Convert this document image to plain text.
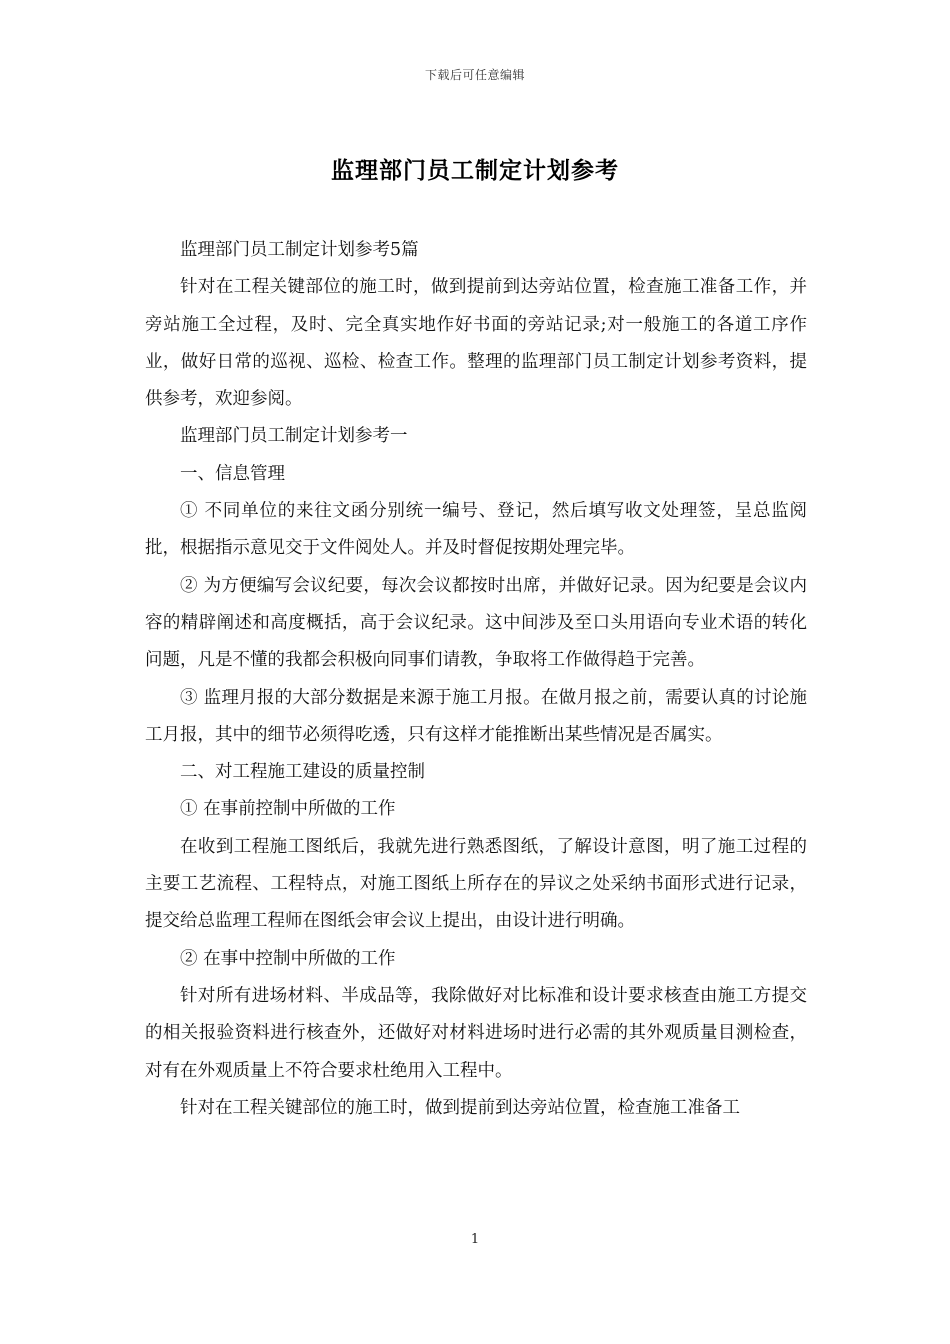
下载后可任意编辑
监理部门员工制定计划参考

监理部门员工制定计划参考5篇

针对在工程关键部位的施工时，做到提前到达旁站位置，检查施工准备工作，并旁站施工全过程，及时、完全真实地作好书面的旁站记录;对一般施工的各道工序作业，做好日常的巡视、巡检、检查工作。整理的监理部门员工制定计划参考资料，提供参考，欢迎参阅。

监理部门员工制定计划参考一

一、信息管理

① 不同单位的来往文函分别统一编号、登记，然后填写收文处理签，呈总监阅批，根据指示意见交于文件阅处人。并及时督促按期处理完毕。

② 为方便编写会议纪要，每次会议都按时出席，并做好记录。因为纪要是会议内容的精辟阐述和高度概括，高于会议纪录。这中间涉及至口头用语向专业术语的转化问题，凡是不懂的我都会积极向同事们请教，争取将工作做得趋于完善。

③ 监理月报的大部分数据是来源于施工月报。在做月报之前，需要认真的讨论施工月报，其中的细节必须得吃透，只有这样才能推断出某些情况是否属实。

二、对工程施工建设的质量控制

① 在事前控制中所做的工作

在收到工程施工图纸后，我就先进行熟悉图纸，了解设计意图，明了施工过程的主要工艺流程、工程特点，对施工图纸上所存在的异议之处采纳书面形式进行记录，提交给总监理工程师在图纸会审会议上提出，由设计进行明确。

② 在事中控制中所做的工作

针对所有进场材料、半成品等，我除做好对比标准和设计要求核查由施工方提交的相关报验资料进行核查外，还做好对材料进场时进行必需的其外观质量目测检查，对有在外观质量上不符合要求杜绝用入工程中。

针对在工程关键部位的施工时，做到提前到达旁站位置，检查施工准备工

1
